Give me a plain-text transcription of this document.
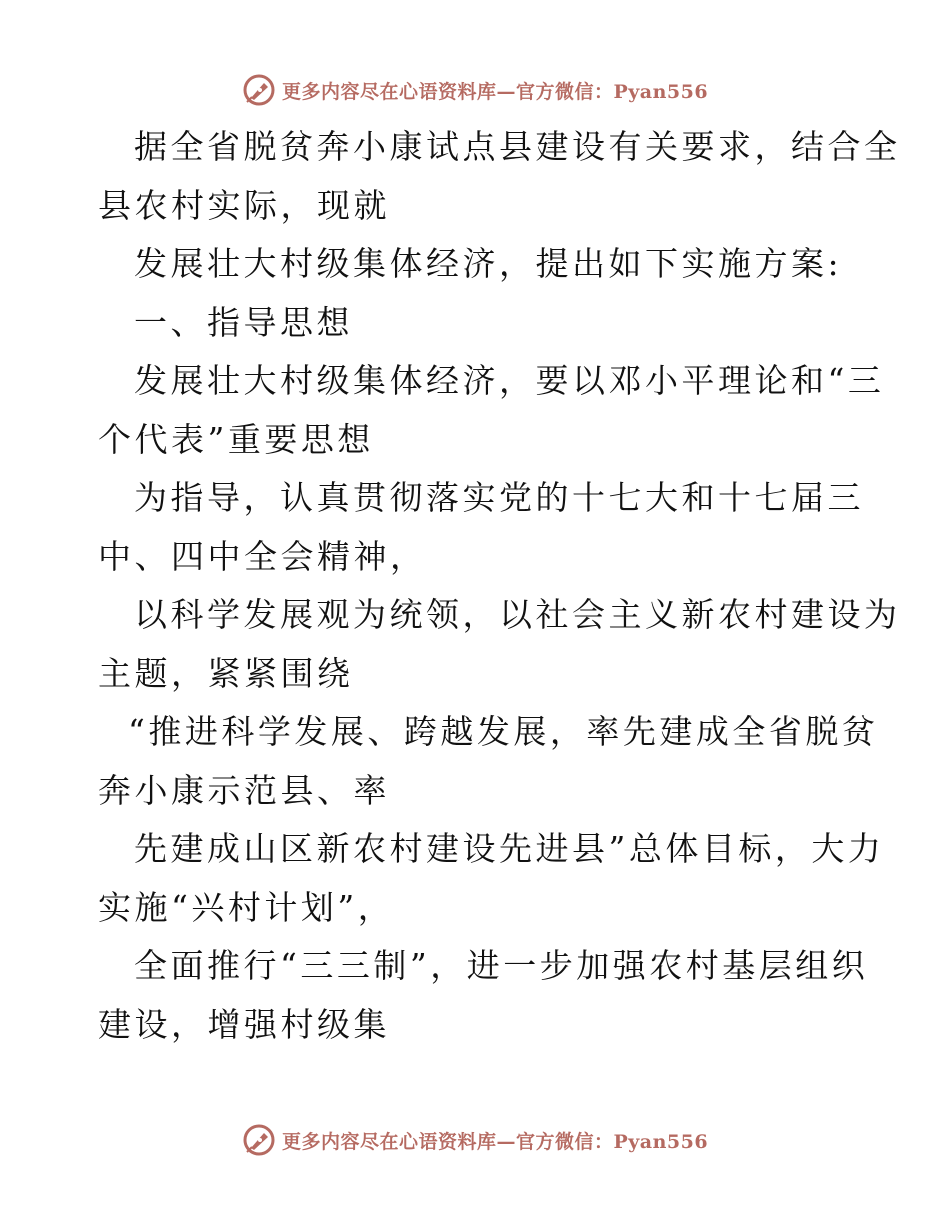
更多内容尽在心语资料库—官方微信：Pyan556
据全省脱贫奔小康试点县建设有关要求，结合全
县农村实际，现就
发展壮大村级集体经济，提出如下实施方案:
一、指导思想
发展壮大村级集体经济，要以邓小平理论和“三
个代表”重要思想
为指导，认真贯彻落实党的十七大和十七届三
中、四中全会精神，
以科学发展观为统领，以社会主义新农村建设为
主题，紧紧围绕
“推进科学发展、跨越发展，率先建成全省脱贫
奔小康示范县、率
先建成山区新农村建设先进县”总体目标，大力
实施“兴村计划”，
全面推行“三三制”，进一步加强农村基层组织
建设，增强村级集
更多内容尽在心语资料库—官方微信：Pyan556
